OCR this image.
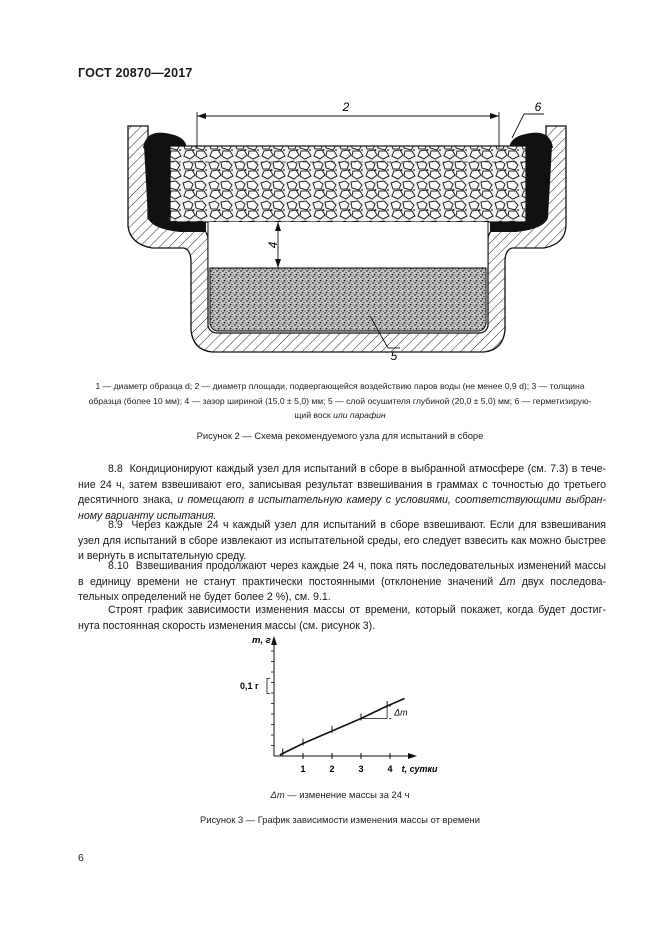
ГОСТ 20870—2017
2	6
4
5
1 — диаметр образца d; 2 — диаметр площади, подвергающейся воздействию паров воды (не менее 0,9 d); 3 — толщина
образца (более 10 мм); 4 — зазор шириной (15,0 ± 5,0) мм; 5 — слой осушителя глубиной (20,0 ± 5,0) мм; 6 — герметизирую-
щий воск или парафин
Рисунок 2 — Схема рекомендуемого узла для испытаний в сборе
8.8 Кондиционируют каждый узел для испытаний в сборе в выбранной атмосфере (см. 7.3) в тече-ние 24 ч, затем взвешивают его, записывая результат взвешивания в граммах с точностью до третьего десятичного знака, и помещают в испытательную камеру с условиями, соответствующими выбран-ному варианту испытания.
8.9 Через каждые 24 ч каждый узел для испытаний в сборе взвешивают. Если для взвешивания узел для испытаний в сборе извлекают из испытательной среды, его следует взвесить как можно быстрее и вернуть в испытательную среду.
8.10 Взвешивания продолжают через каждые 24 ч, пока пять последовательных изменений массы в единицу времени не станут практически постоянными (отклонение значений Δm двух последова-тельных определений не будет более 2 %), см. 9.1.
Строят график зависимости изменения массы от времени, который покажет, когда будет достиг-нута постоянная скорость изменения массы (см. рисунок 3).
1	2	3	4
m, г
t, сутки
0,1 г
Δm
Δm — изменение массы за 24 ч
Рисунок 3 — График зависимости изменения массы от времени
6
